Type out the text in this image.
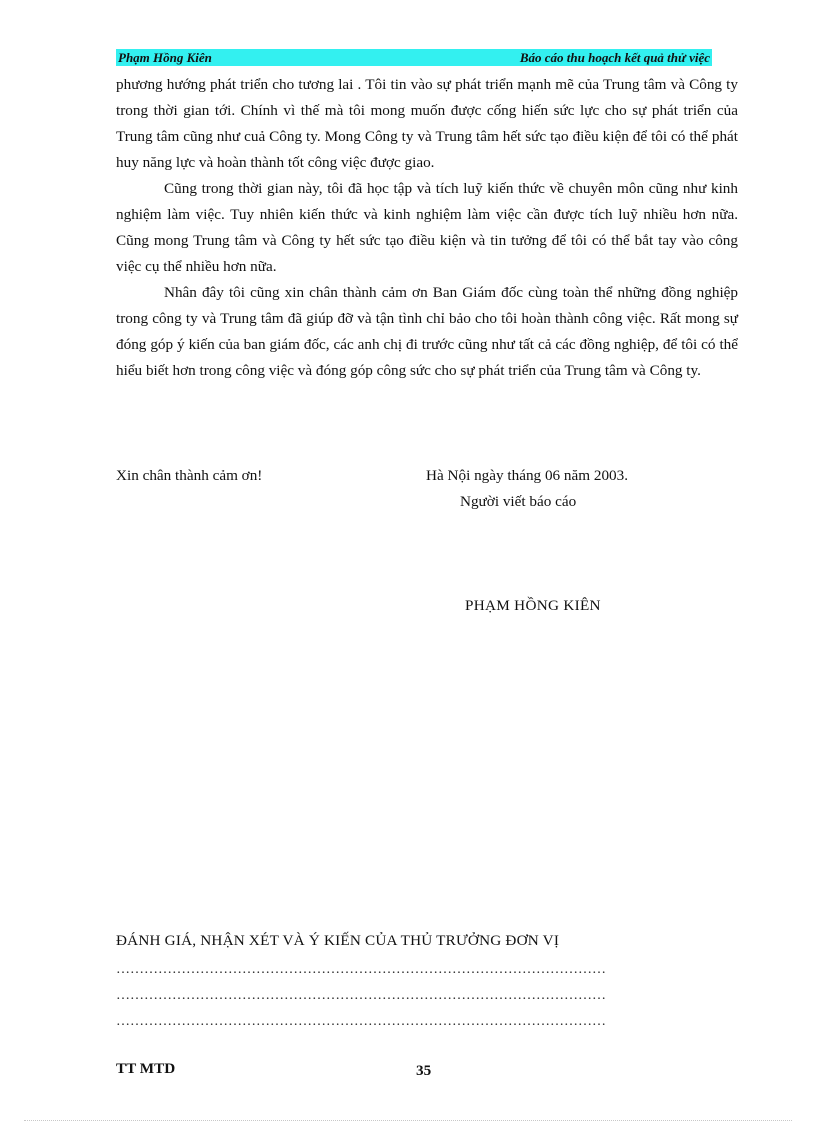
Phạm Hồng Kiên	Báo cáo thu hoạch kết quả thử việc

phương hướng phát triển cho tương lai . Tôi tin vào sự phát triển mạnh mẽ của Trung tâm và Công ty trong thời gian tới. Chính vì thế mà tôi mong muốn được cống hiến sức lực cho sự phát triển của Trung tâm cũng như cuả Công ty. Mong Công ty và Trung tâm hết sức tạo điều kiện để tôi có thể phát huy năng lực và hoàn thành tốt công việc được giao.

Cũng trong thời gian này, tôi đã học tập và tích luỹ kiến thức về chuyên môn cũng như kinh nghiệm làm việc. Tuy nhiên kiến thức và kinh nghiệm làm việc cần được tích luỹ nhiều hơn nữa. Cũng mong Trung tâm và Công ty hết sức tạo điều kiện và tin tưởng để tôi có thể bắt tay vào công việc cụ thể nhiều hơn nữa.

Nhân đây tôi cũng xin chân thành cảm ơn Ban Giám đốc cùng toàn thể những đồng nghiệp trong công ty và Trung tâm đã giúp đỡ và tận tình chỉ bảo cho tôi hoàn thành công việc. Rất mong sự đóng góp ý kiến của ban giám đốc, các anh chị đi trước cũng như tất cả các đồng nghiệp, để tôi có thể hiểu biết hơn trong công việc và đóng góp công sức cho sự phát triển của Trung tâm và Công ty.

Xin chân thành cảm ơn!	Hà Nội ngày tháng 06 năm 2003.
Người viết báo cáo
PHẠM HỒNG KIÊN
ĐÁNH GIÁ, NHẬN XÉT VÀ Ý KIẾN CỦA THỦ TRƯỞNG ĐƠN VỊ
……………………………………………………………………………………………
……………………………………………………………………………………………
……………………………………………………………………………………………
TT MTD	35
